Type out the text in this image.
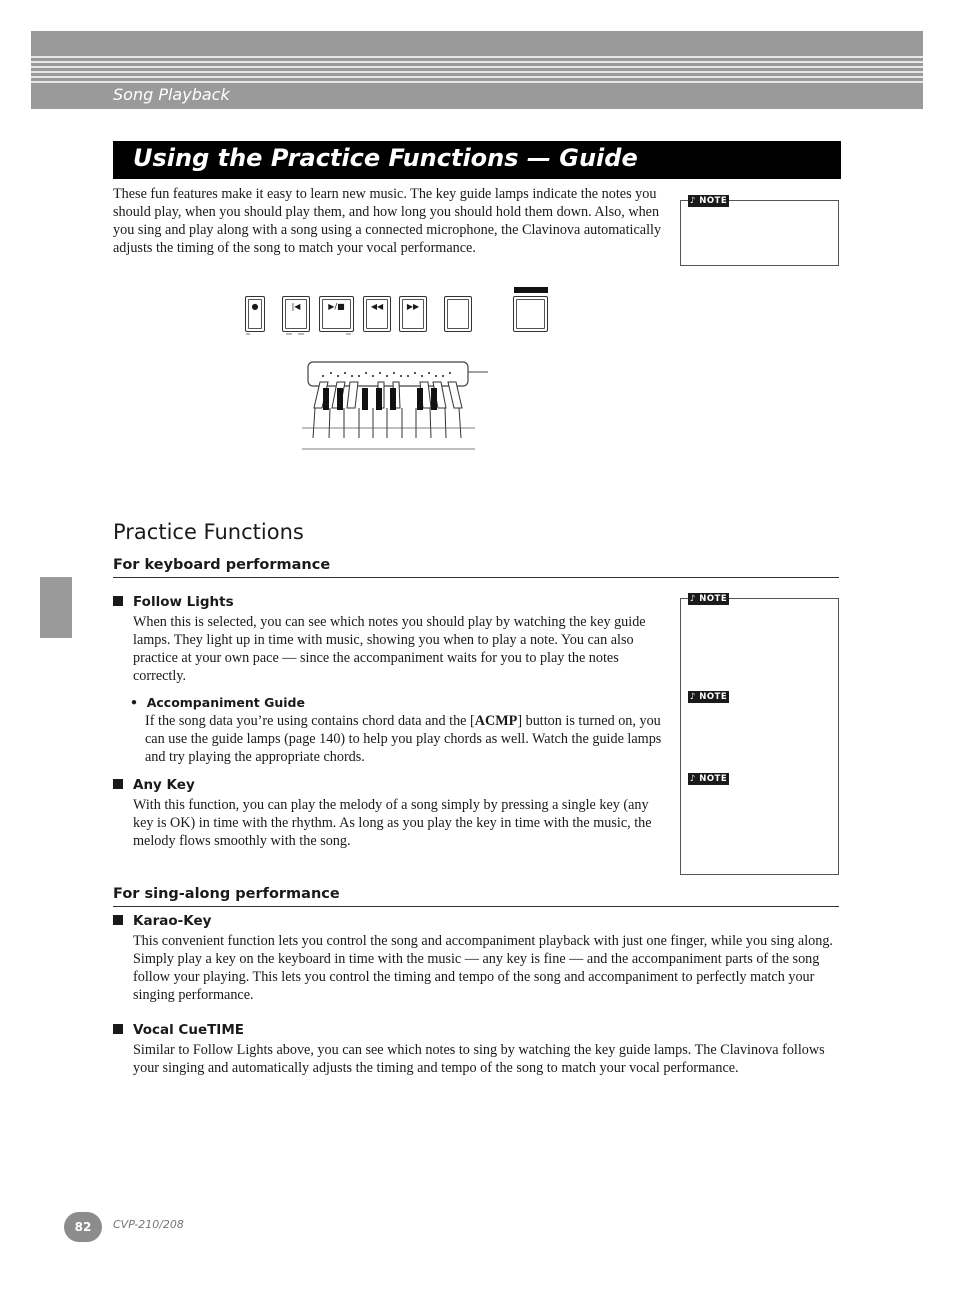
Song Playback
Using the Practice Functions — Guide
These fun features make it easy to learn new music. The key guide lamps indicate the notes you should play, when you should play them, and how long you should hold them down. Also, when you sing and play along with a song using a connected microphone, the Clavinova automatically adjusts the timing of the song to match your vocal performance.
♪ NOTE
●	|◀	▶/■	◀◀	▶▶
Practice Functions
For keyboard performance
♪ NOTE
♪ NOTE
♪ NOTE
Follow Lights
When this is selected, you can see which notes you should play by watching the key guide lamps. They light up in time with music, showing you when to play a note. You can also practice at your own pace — since the accompaniment waits for you to play the notes correctly.
•  Accompaniment Guide
If the song data you’re using contains chord data and the [ACMP] button is turned on, you can use the guide lamps (page 140) to help you play chords as well. Watch the guide lamps and try playing the appropriate chords.
Any Key
With this function, you can play the melody of a song simply by pressing a single key (any key is OK) in time with the rhythm. As long as you play the key in time with the music, the melody flows smoothly with the song.
For sing-along performance
Karao-Key
This convenient function lets you control the song and accompaniment playback with just one finger, while you sing along. Simply play a key on the keyboard in time with the music — any key is fine — and the accompaniment parts of the song follow your playing. This lets you control the timing and tempo of the song and accompaniment to perfectly match your singing performance.
Vocal CueTIME
Similar to Follow Lights above, you can see which notes to sing by watching the key guide lamps. The Clavinova follows your singing and automatically adjusts the timing and tempo of the song to match your vocal performance.
82	CVP-210/208
